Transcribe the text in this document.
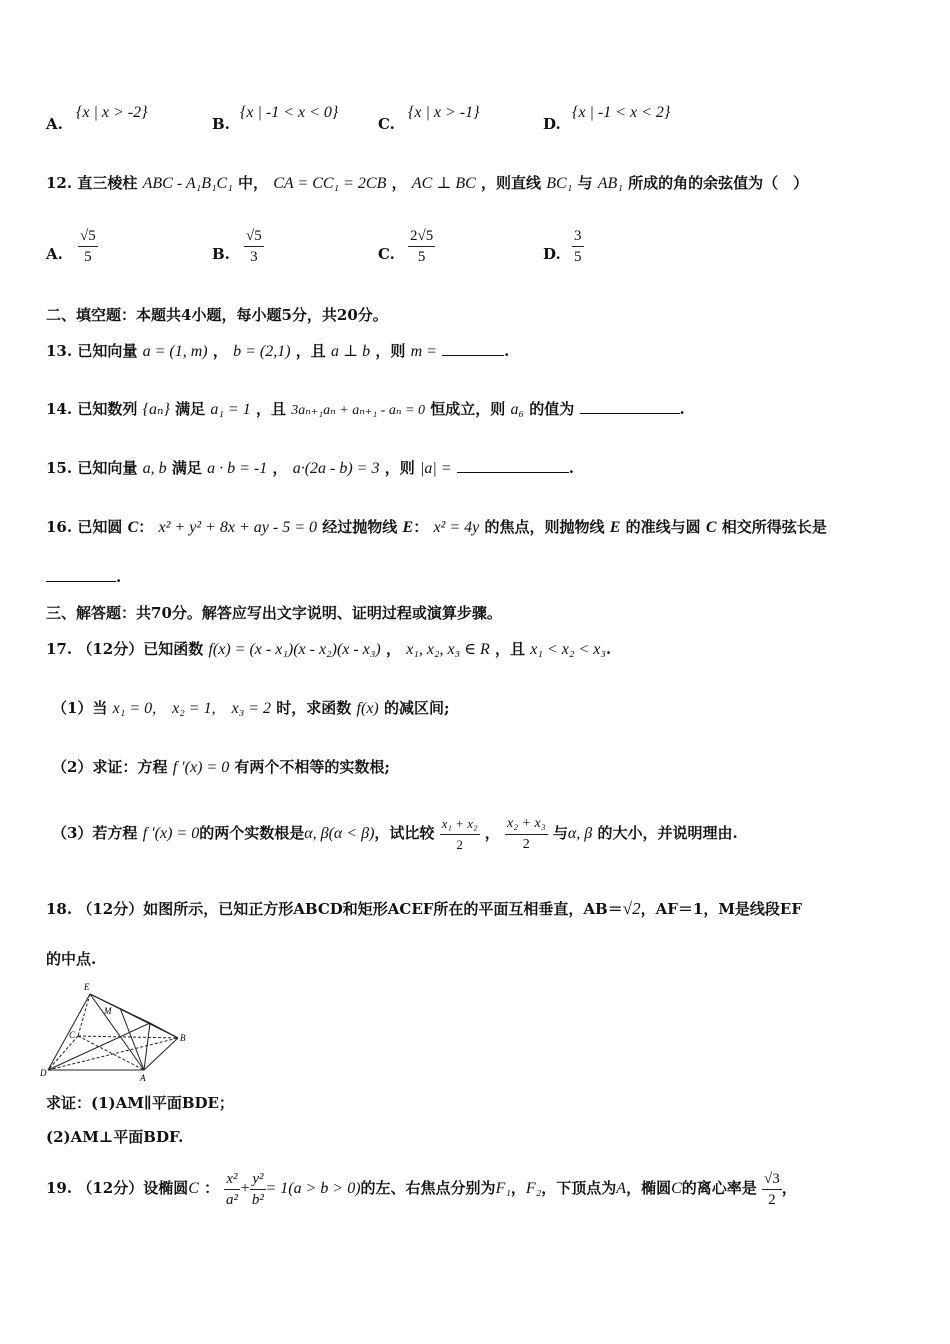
A.
{x | x > -2}
B.
{x | -1 < x < 0}
C.
{x | x > -1}
D.
{x | -1 < x < 2}
12. 直三棱柱 ABC - A₁B₁C₁ 中， CA = CC₁ = 2CB ， AC ⊥ BC ，则直线 BC₁ 与 AB₁ 所成的角的余弦值为（　）
A. $\frac{√5}{5}$	B. $\frac{√5}{3}$	C. $\frac{2√5}{5}$	D. $\frac{3}{5}$
二、填空题：本题共4小题，每小题5分，共20分。
13. 已知向量 a = (1, m) ， b = (2,1) ，且 a ⊥ b ，则 m =	.
14. 已知数列 {aₙ} 满足 a₁ = 1 ，且 3aₙ₊₁aₙ + aₙ₊₁ - aₙ = 0 恒成立，则 a₆ 的值为	.
15. 已知向量 a, b 满足 a · b = -1 ， a·(2a - b) = 3 ，则 |a| =	.
16. 已知圆 C： x² + y² + 8x + ay - 5 = 0 经过抛物线 E： x² = 4y 的焦点，则抛物线 E 的准线与圆 C 相交所得弦长是
.
三、解答题：共70分。解答应写出文字说明、证明过程或演算步骤。
17. （12分）已知函数 f(x) = (x - x₁)(x - x₂)(x - x₃) ， x₁, x₂, x₃ ∈ R ，且 x₁ < x₂ < x₃.
（1）当 x₁ = 0,　x₂ = 1,　x₃ = 2 时，求函数 f(x) 的减区间;
（2）求证：方程 f ′(x) = 0 有两个不相等的实数根;
（3）若方程 f ′(x) = 0的两个实数根是α, β(α < β)，试比较 $\frac{\text{x₁ + x₂}}{2}$ ， $\frac{\text{x₂ + x₃}}{2}$ 与α, β 的大小，并说明理由.
18. （12分）如图所示，已知正方形ABCD和矩形ACEF所在的平面互相垂直，AB＝√2，AF＝1，M是线段EF
的中点.
E
M
C	B
D	A
求证：(1)AM∥平面BDE；
(2)AM⊥平面BDF.
19. （12分）设椭圆C ： $\frac{\text{x²}}{\text{a²}} + \frac{\text{y²}}{\text{b²}} = 1(a > b > 0)$的左、右焦点分别为F₁，F₂，下顶点为A，椭圆C的离心率是 $\frac{√3}{2}$ ，
